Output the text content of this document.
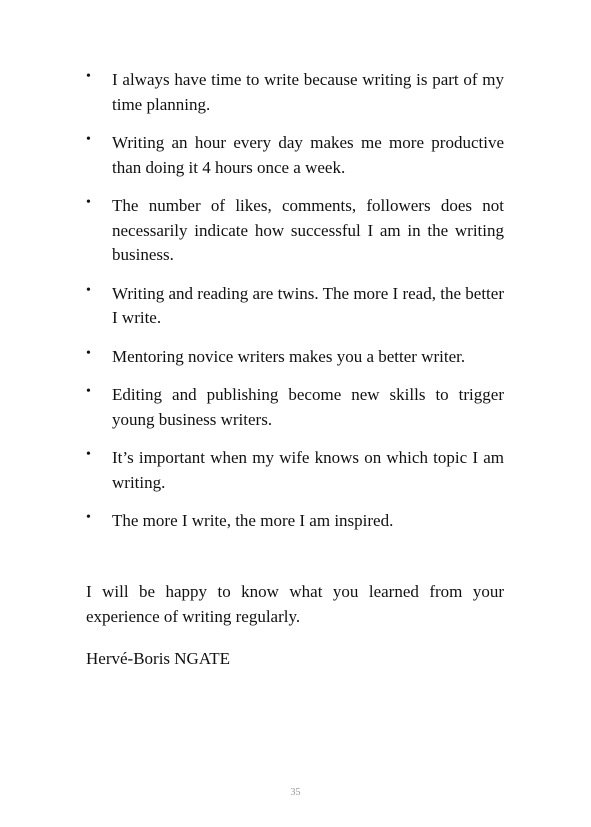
• I always have time to write because writing is part of my time planning.
• Writing an hour every day makes me more productive than doing it 4 hours once a week.
• The number of likes, comments, followers does not necessarily indicate how successful I am in the writing business.
• Writing and reading are twins. The more I read, the better I write.
• Mentoring novice writers makes you a better writer.
• Editing and publishing become new skills to trigger young business writers.
• It’s important when my wife knows on which topic I am writing.
• The more I write, the more I am inspired.

I will be happy to know what you learned from your experience of writing regularly.

Hervé-Boris NGATE

35
